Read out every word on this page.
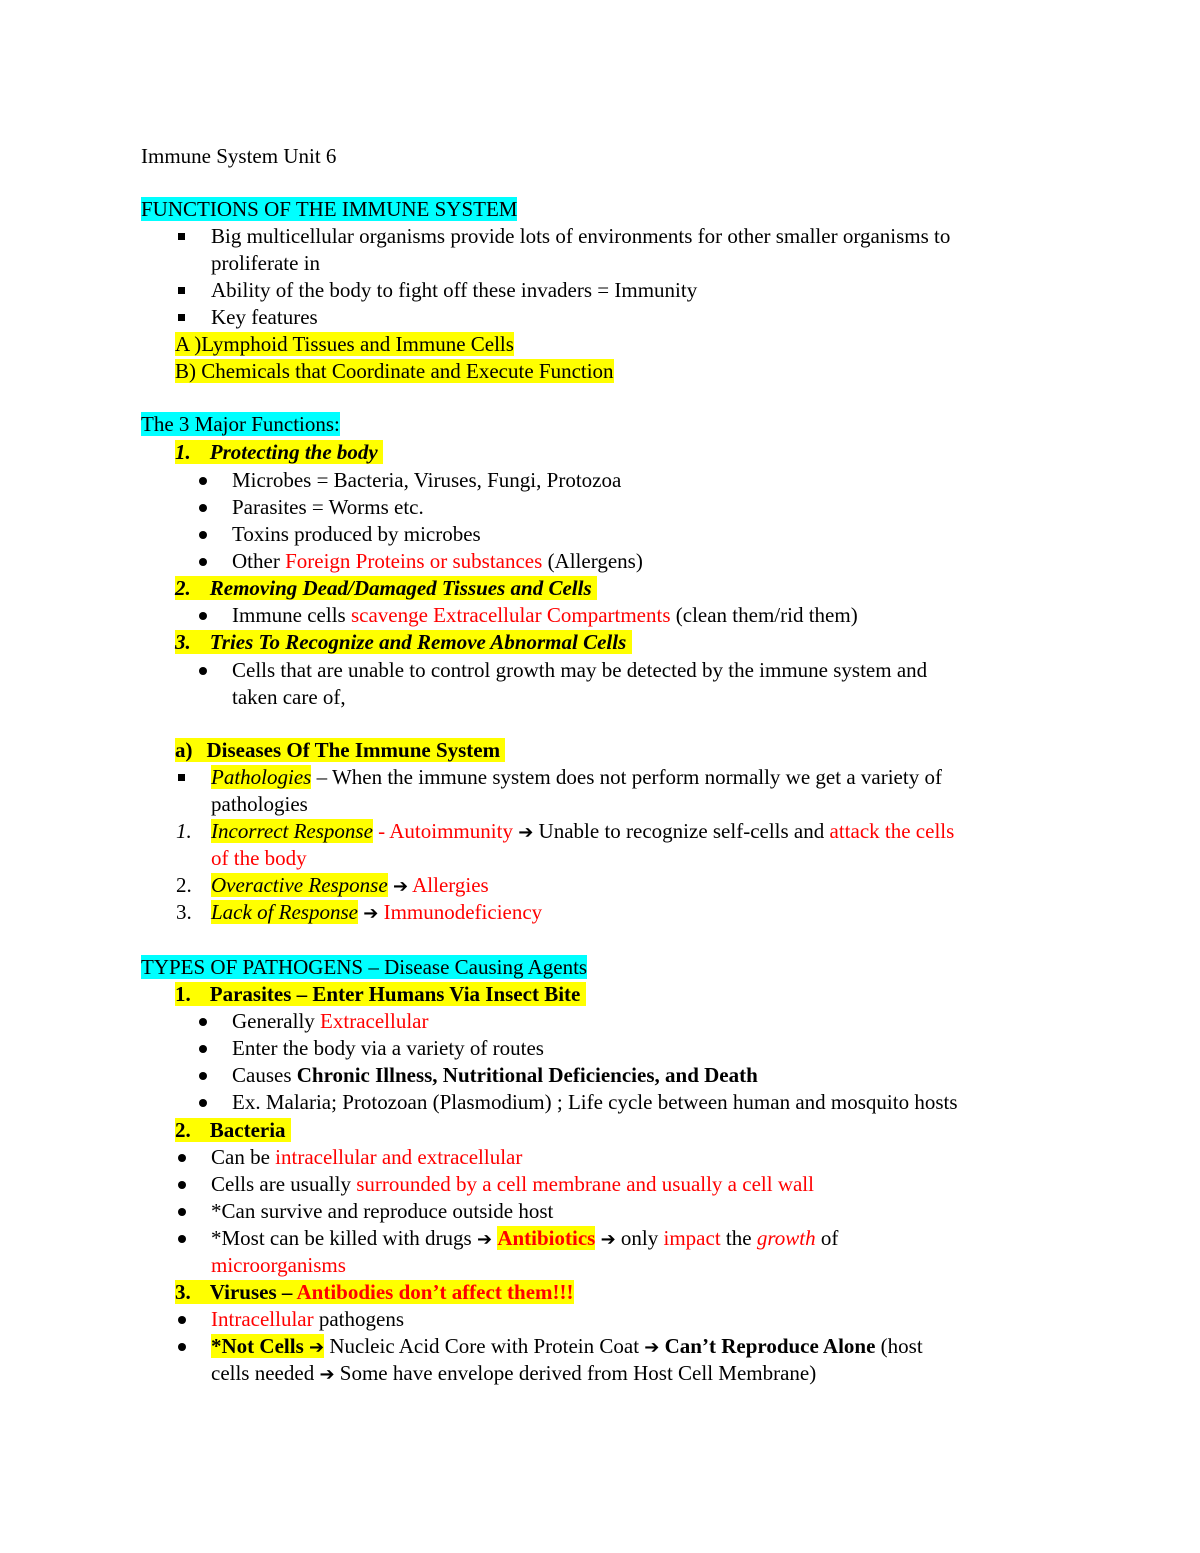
Immune System Unit 6
FUNCTIONS OF THE IMMUNE SYSTEM
Big multicellular organisms provide lots of environments for other smaller organisms to
proliferate in
Ability of the body to fight off these invaders = Immunity
Key features
A )Lymphoid Tissues and Immune Cells
B) Chemicals that Coordinate and Execute Function
The 3 Major Functions:
1. Protecting the body
Microbes = Bacteria, Viruses, Fungi, Protozoa
Parasites = Worms etc.
Toxins produced by microbes
Other Foreign Proteins or substances (Allergens)
2. Removing Dead/Damaged Tissues and Cells
Immune cells scavenge Extracellular Compartments (clean them/rid them)
3. Tries To Recognize and Remove Abnormal Cells
Cells that are unable to control growth may be detected by the immune system and
taken care of,
a) Diseases Of The Immune System
Pathologies – When the immune system does not perform normally we get a variety of
pathologies
1. Incorrect Response - Autoimmunity ➔ Unable to recognize self-cells and attack the cells
of the body
2. Overactive Response ➔ Allergies
3. Lack of Response ➔ Immunodeficiency
TYPES OF PATHOGENS – Disease Causing Agents
1. Parasites – Enter Humans Via Insect Bite
Generally Extracellular
Enter the body via a variety of routes
Causes Chronic Illness, Nutritional Deficiencies, and Death
Ex. Malaria; Protozoan (Plasmodium) ; Life cycle between human and mosquito hosts
2. Bacteria
Can be intracellular and extracellular
Cells are usually surrounded by a cell membrane and usually a cell wall
*Can survive and reproduce outside host
*Most can be killed with drugs ➔ Antibiotics ➔ only impact the growth of
microorganisms
3. Viruses – Antibodies don’t affect them!!!
Intracellular pathogens
*Not Cells ➔ Nucleic Acid Core with Protein Coat ➔ Can’t Reproduce Alone (host
cells needed ➔ Some have envelope derived from Host Cell Membrane)
